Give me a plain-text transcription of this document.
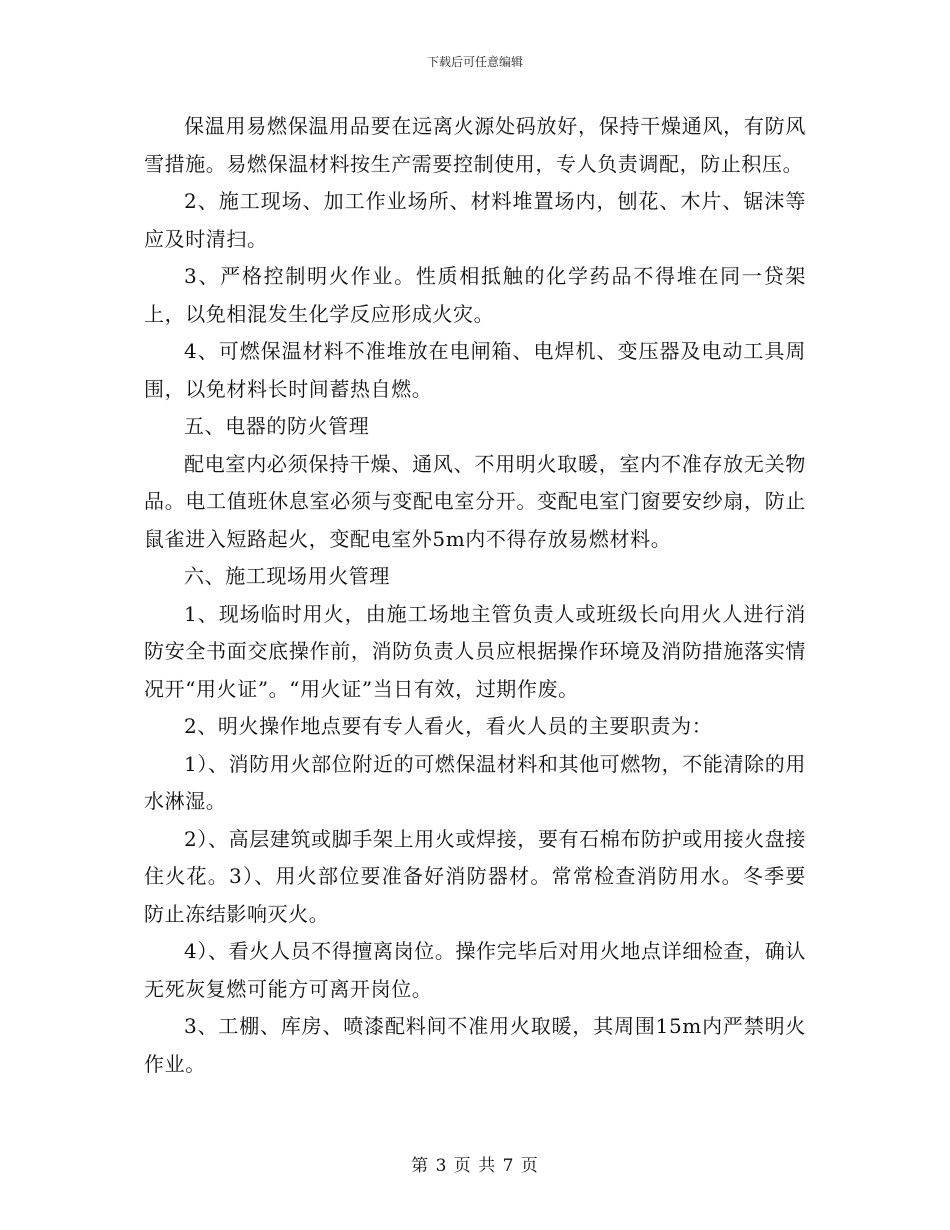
下载后可任意编辑

保温用易燃保温用品要在远离火源处码放好，保持干燥通风，有防风雪措施。易燃保温材料按生产需要控制使用，专人负责调配，防止积压。

2、施工现场、加工作业场所、材料堆置场内，刨花、木片、锯沫等应及时清扫。

3、严格控制明火作业。性质相抵触的化学药品不得堆在同一贷架上，以免相混发生化学反应形成火灾。

4、可燃保温材料不准堆放在电闸箱、电焊机、变压器及电动工具周围，以免材料长时间蓄热自燃。

五、电器的防火管理

配电室内必须保持干燥、通风、不用明火取暖，室内不准存放无关物品。电工值班休息室必须与变配电室分开。变配电室门窗要安纱扇，防止鼠雀进入短路起火，变配电室外5m内不得存放易燃材料。

六、施工现场用火管理

1、现场临时用火，由施工场地主管负责人或班级长向用火人进行消防安全书面交底操作前，消防负责人员应根据操作环境及消防措施落实情况开“用火证”。“用火证”当日有效，过期作废。

2、明火操作地点要有专人看火，看火人员的主要职责为：

1）、消防用火部位附近的可燃保温材料和其他可燃物，不能清除的用水淋湿。

2）、高层建筑或脚手架上用火或焊接，要有石棉布防护或用接火盘接住火花。3）、用火部位要准备好消防器材。常常检查消防用水。冬季要防止冻结影响灭火。

4）、看火人员不得擅离岗位。操作完毕后对用火地点详细检查，确认无死灰复燃可能方可离开岗位。

3、工棚、库房、喷漆配料间不准用火取暖，其周围15m内严禁明火作业。

第 3 页 共 7 页
